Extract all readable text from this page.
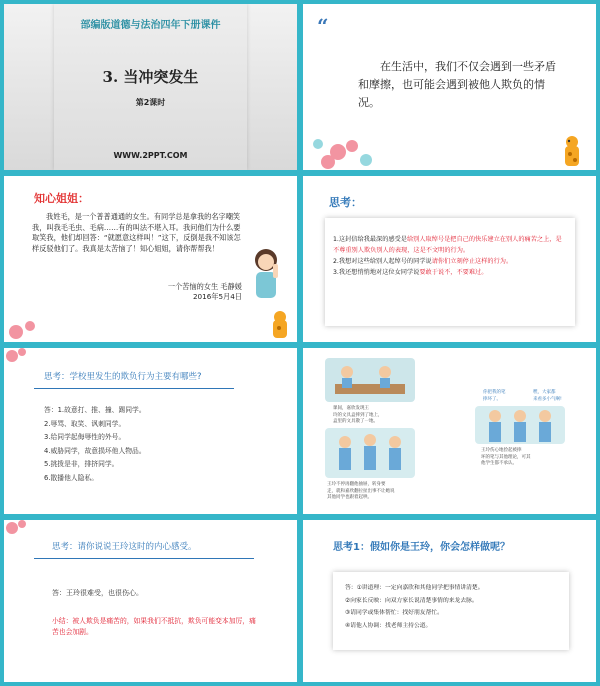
部编版道德与法治四年下册课件
3. 当冲突发生
第2课时
WWW.2PPT.COM
“
在生活中，我们不仅会遇到一些矛盾和摩擦，也可能会遇到被他人欺负的情况。
知心姐姐：
我姓毛，是一个普普通通的女生。有同学总是拿我的名字嘲笑我，叫我毛毛虫、毛病……有的叫法不堪入耳。我问他们为什么要取笑我，他们却回答：“就愿意这样叫！”这下，反倒是我不知该怎样反驳他们了。我真是太苦恼了！知心姐姐，请你帮帮我！
一个苦恼的女生 毛静媛
2016年5月4日
思考：
1.这封信给我最深的感受是给别人取绰号是把自己的快乐建立在别人的痛苦之上，是不尊重别人欺负别人的表现，这是不文明的行为。
2.我想对这些给别人起绰号的同学说请你们立刻停止这样的行为。
3.我还想悄悄地对这位女同学说要敢于说不，不要难过。
思考：学校里发生的欺负行为主要有哪些?
答：1.故意打、推、撞、踢同学。
2.辱骂、取笑、讽刺同学。
3.给同学起侮辱性的外号。
4.威胁同学，故意损坏他人物品。
5.挑拨是非，排挤同学。
6.散播他人隐私。
课间，嘉欣发现王
玲的文具盒摔到了地上，
盒里的文具散了一地。
王玲不停再翻他抽屉，转身要
走，就和嘉欣翻拉扯出事不让她说
其他同学也跟着起哄。
你把我的笔
摔坏了。
嘿，大家都
来看多小气啊!
王玲伤心地捡起被摔
坏的笔与其他理论，可其
他学生都不承认。
思考：请你说说王玲这时的内心感受。
答：王玲很难受，也很伤心。
小结：被人欺负是痛苦的，如果我们不抵抗，欺负可能变本加厉，痛苦也会加剧。
思考1：假如你是王玲，你会怎样做呢？
答：①讲道理：一定向嘉欣和其他同学把事情讲清楚。
②向家长反映：向双方家长说清楚事情的来龙去脉。
③请同学或集体帮忙：找好朋友帮忙。
④请他人协调：找老师主持公道。
